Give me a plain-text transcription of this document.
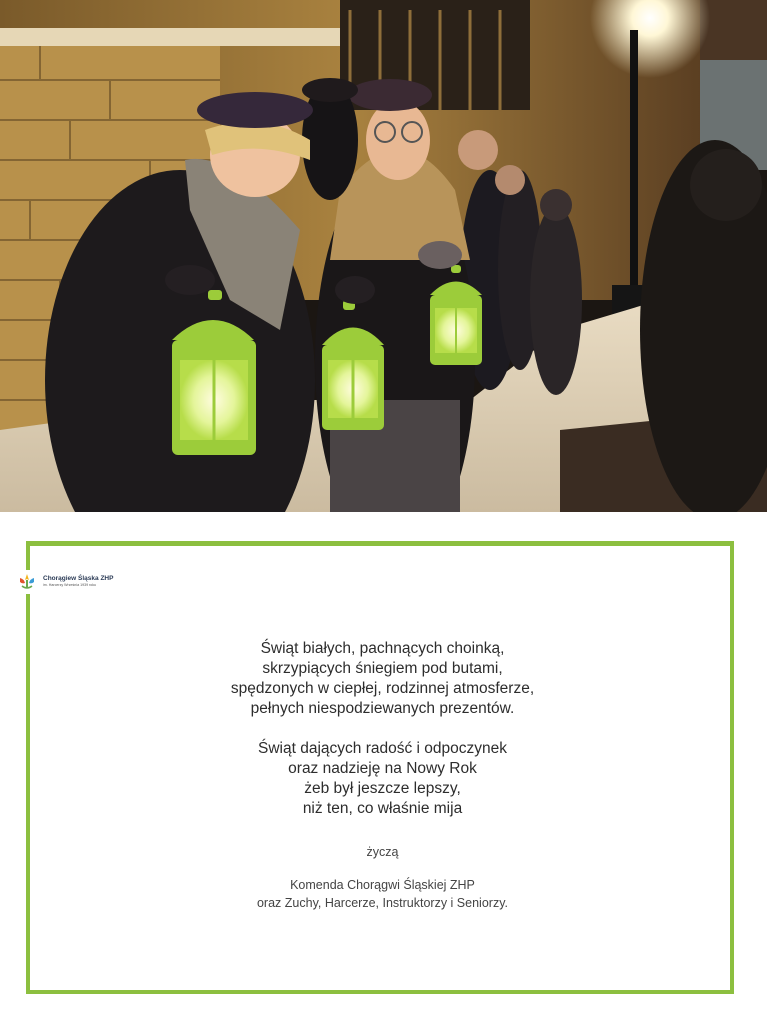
Chorągiew Śląska ZHP
im. Harcerzy Września 1939 roku
Świąt białych, pachnących choinką,
skrzypiących śniegiem pod butami,
spędzonych w ciepłej, rodzinnej atmosferze,
pełnych niespodziewanych prezentów.
Świąt dających radość i odpoczynek
oraz nadzieję na Nowy Rok
żeb był jeszcze lepszy,
niż ten, co właśnie mija
życzą
Komenda Chorągwi Śląskiej ZHP
oraz Zuchy, Harcerze, Instruktorzy i Seniorzy.
